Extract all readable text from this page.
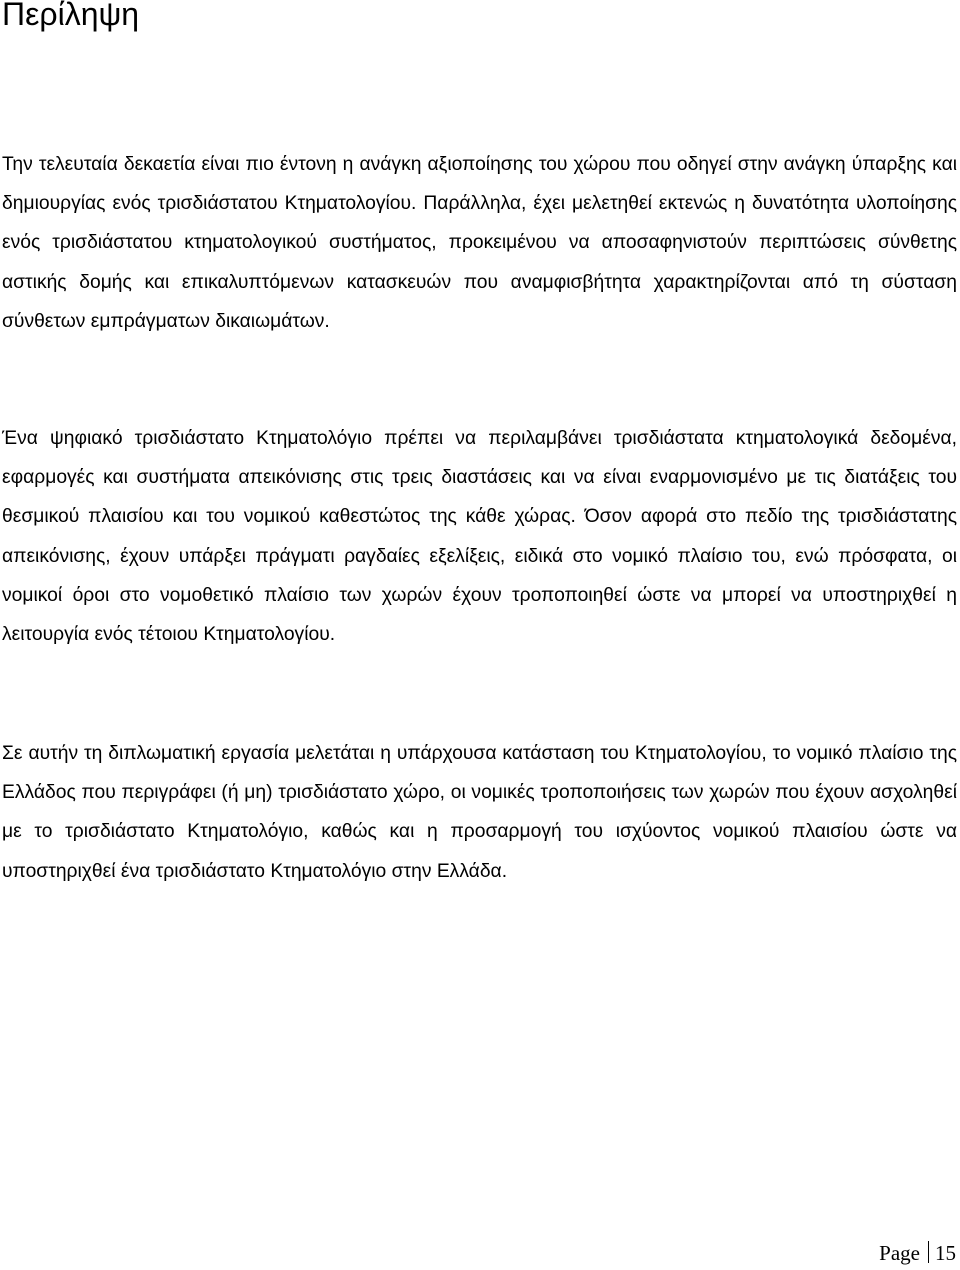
Περίληψη

Την τελευταία δεκαετία είναι πιο έντονη η ανάγκη αξιοποίησης του χώρου που οδηγεί στην ανάγκη ύπαρξης και δημιουργίας ενός τρισδιάστατου Κτηματολογίου. Παράλληλα, έχει μελετηθεί εκτενώς η δυνατότητα υλοποίησης ενός τρισδιάστατου κτηματολογικού συστήματος, προκειμένου να αποσαφηνιστούν περιπτώσεις σύνθετης αστικής δομής και επικαλυπτόμενων κατασκευών που αναμφισβήτητα χαρακτηρίζονται από τη σύσταση σύνθετων εμπράγματων δικαιωμάτων.

Ένα ψηφιακό τρισδιάστατο Κτηματολόγιο πρέπει να περιλαμβάνει τρισδιάστατα κτηματολογικά δεδομένα, εφαρμογές και συστήματα απεικόνισης στις τρεις διαστάσεις και να είναι εναρμονισμένο με τις διατάξεις του θεσμικού πλαισίου και του νομικού καθεστώτος της κάθε χώρας. Όσον αφορά στο πεδίο της τρισδιάστατης απεικόνισης, έχουν υπάρξει πράγματι ραγδαίες εξελίξεις, ειδικά στο νομικό πλαίσιο του, ενώ πρόσφατα, οι νομικοί όροι στο νομοθετικό πλαίσιο των χωρών έχουν τροποποιηθεί ώστε να μπορεί να υποστηριχθεί η λειτουργία ενός τέτοιου Κτηματολογίου.

Σε αυτήν τη διπλωματική εργασία μελετάται η υπάρχουσα κατάσταση του Κτηματολογίου, το νομικό πλαίσιο της Ελλάδος που περιγράφει (ή μη) τρισδιάστατο χώρο, οι νομικές τροποποιήσεις των χωρών που έχουν ασχοληθεί με το τρισδιάστατο Κτηματολόγιο, καθώς και η προσαρμογή του ισχύοντος νομικού πλαισίου ώστε να υποστηριχθεί ένα τρισδιάστατο Κτηματολόγιο στην Ελλάδα.

Page 15
